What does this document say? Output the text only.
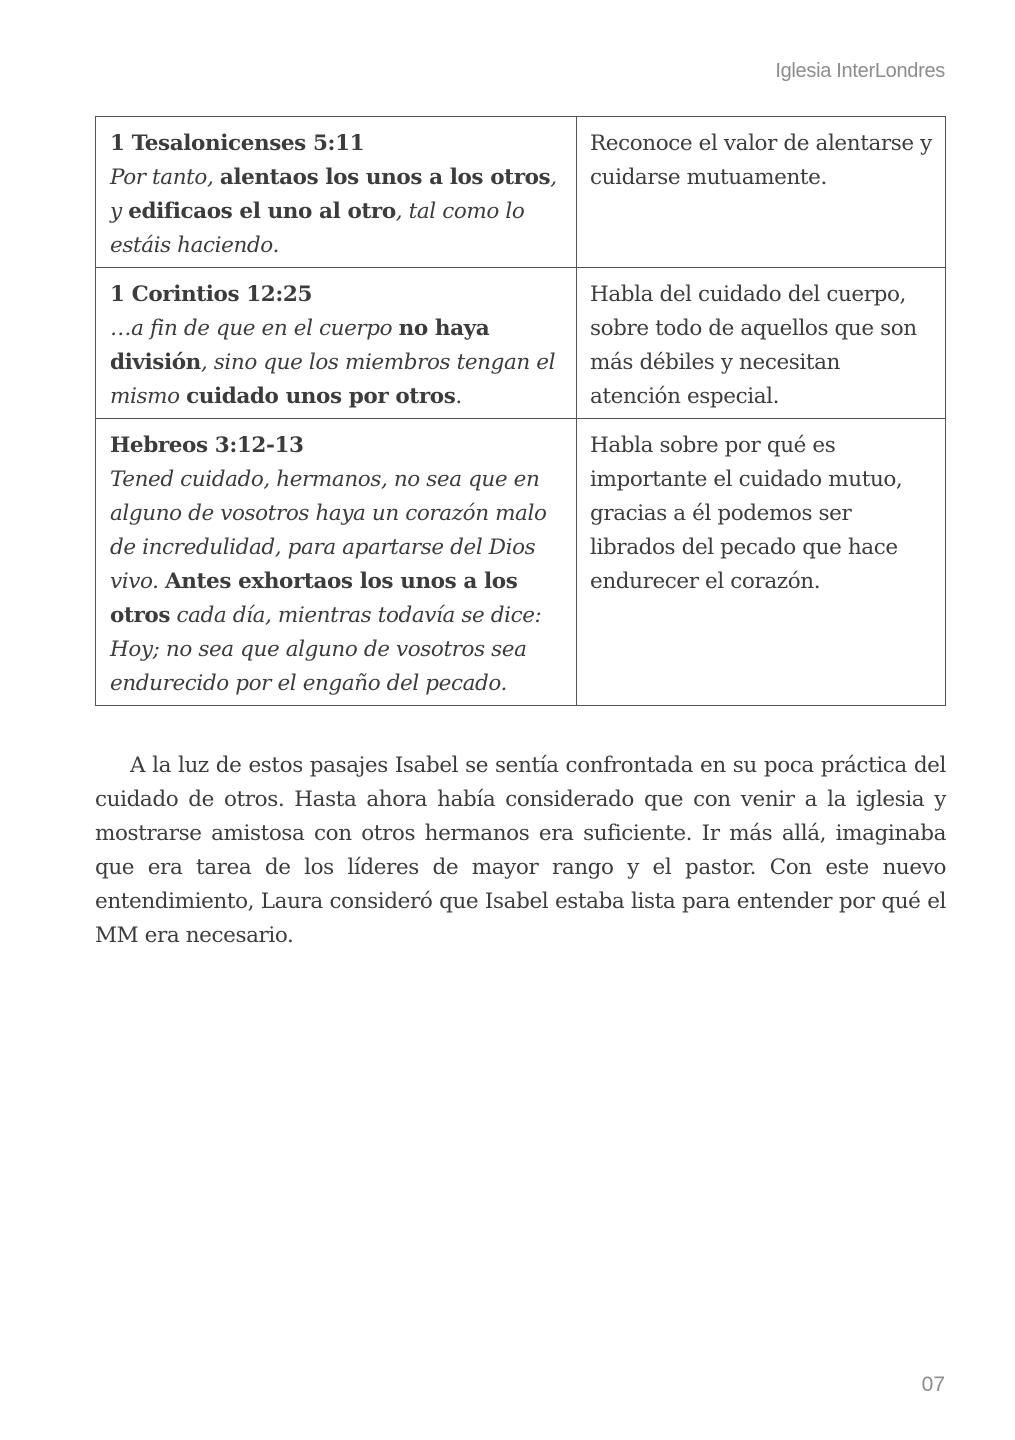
Iglesia InterLondres
1 Tesalonicenses 5:11
Por tanto, alentaos los unos a los otros, y edificaos el uno al otro, tal como lo estáis haciendo.	Reconoce el valor de alentarse y cuidarse mutuamente.

1 Corintios 12:25
…a fin de que en el cuerpo no haya división, sino que los miembros tengan el mismo cuidado unos por otros.	Habla del cuidado del cuerpo, sobre todo de aquellos que son más débiles y necesitan atención especial.

Hebreos 3:12-13
Tened cuidado, hermanos, no sea que en alguno de vosotros haya un corazón malo de incredulidad, para apartarse del Dios vivo. Antes exhortaos los unos a los otros cada día, mientras todavía se dice: Hoy; no sea que alguno de vosotros sea endurecido por el engaño del pecado.	Habla sobre por qué es importante el cuidado mutuo, gracias a él podemos ser librados del pecado que hace endurecer el corazón.

A la luz de estos pasajes Isabel se sentía confrontada en su poca práctica del cuidado de otros. Hasta ahora había considerado que con venir a la iglesia y mostrarse amistosa con otros hermanos era suficiente. Ir más allá, imaginaba que era tarea de los líderes de mayor rango y el pastor. Con este nuevo entendimiento, Laura consideró que Isabel estaba lista para entender por qué el MM era necesario.

07
